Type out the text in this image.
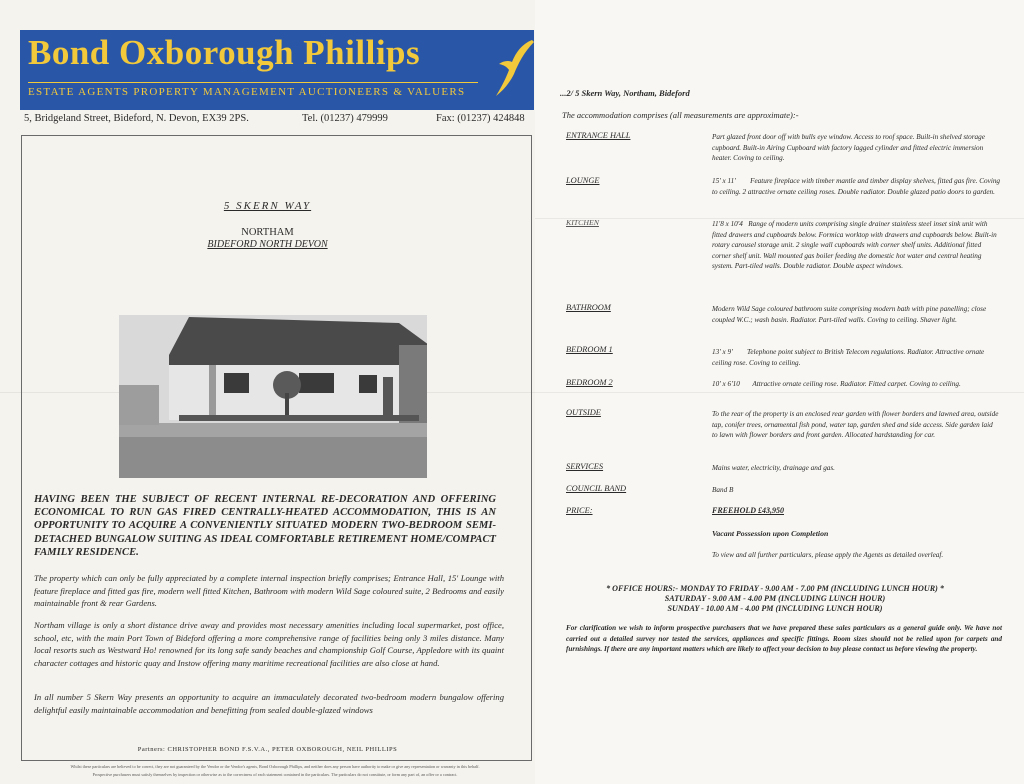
Bond Oxborough Phillips
ESTATE AGENTS PROPERTY MANAGEMENT AUCTIONEERS & VALUERS
5, Bridgeland Street, Bideford, N. Devon, EX39 2PS.	Tel. (01237) 479999	Fax: (01237) 424848
5 SKERN WAY
NORTHAM
BIDEFORD NORTH DEVON
HAVING BEEN THE SUBJECT OF RECENT INTERNAL RE-DECORATION AND OFFERING ECONOMICAL TO RUN GAS FIRED CENTRALLY-HEATED ACCOMMODATION, THIS IS AN OPPORTUNITY TO ACQUIRE A CONVENIENTLY SITUATED MODERN TWO-BEDROOM SEMI-DETACHED BUNGALOW SUITING AS IDEAL COMFORTABLE RETIREMENT HOME/COMPACT FAMILY RESIDENCE.
The property which can only be fully appreciated by a complete internal inspection briefly comprises; Entrance Hall, 15' Lounge with feature fireplace and fitted gas fire, modern well fitted Kitchen, Bathroom with modern Wild Sage coloured suite, 2 Bedrooms and easily maintainable front & rear Gardens.
Northam village is only a short distance drive away and provides most necessary amenities including local supermarket, post office, school, etc, with the main Port Town of Bideford offering a more comprehensive range of facilities being only 3 miles distance. Many local resorts such as Westward Ho! renowned for its long safe sandy beaches and championship Golf Course, Appledore with its quaint character cottages and historic quay and Instow offering many maritime recreational facilities are also close at hand.
In all number 5 Skern Way presents an opportunity to acquire an immaculately decorated two-bedroom modern bungalow offering delightful easily maintainable accommodation and benefitting from sealed double-glazed windows
Partners: CHRISTOPHER BOND F.S.V.A., PETER OXBOROUGH, NEIL PHILLIPS
Whilst these particulars are believed to be correct, they are not guaranteed by the Vendor or the Vendor's agents, Bond Oxborough Phillips, and neither does any person have authority to make or give any representation or warranty in this behalf.
Prospective purchasers must satisfy themselves by inspection or otherwise as to the correctness of each statement contained in the particulars. The particulars do not constitute, or form any part of, an offer or a contract.
...2/ 5 Skern Way, Northam, Bideford
The accommodation comprises (all measurements are approximate):-
ENTRANCE HALL	Part glazed front door off with bulls eye window. Access to roof space. Built-in shelved storage cupboard. Built-in Airing Cupboard with factory lagged cylinder and fitted electric immersion heater. Coving to ceiling.
LOUNGE	15' x 11' Feature fireplace with timber mantle and timber display shelves, fitted gas fire. Coving to ceiling. 2 attractive ornate ceiling roses. Double radiator. Double glazed patio doors to garden.
KITCHEN	11'8 x 10'4 Range of modern units comprising single drainer stainless steel inset sink unit with fitted drawers and cupboards below. Formica worktop with drawers and cupboards below. Built-in rotary carousel storage unit. 2 single wall cupboards with corner shelf units. Additional fitted corner shelf unit. Wall mounted gas boiler feeding the domestic hot water and central heating system. Part-tiled walls. Double radiator. Double aspect windows.
BATHROOM	Modern Wild Sage coloured bathroom suite comprising modern bath with pine panelling; close coupled W.C.; wash basin. Radiator. Part-tiled walls. Coving to ceiling. Shaver light.
BEDROOM 1	13' x 9' Telephone point subject to British Telecom regulations. Radiator. Attractive ornate ceiling rose. Coving to ceiling.
BEDROOM 2	10' x 6'10 Attractive ornate ceiling rose. Radiator. Fitted carpet. Coving to ceiling.
OUTSIDE	To the rear of the property is an enclosed rear garden with flower borders and lawned area, outside tap, conifer trees, ornamental fish pond, water tap, garden shed and side access. Side garden laid to lawn with flower borders and front garden. Allocated hardstanding for car.
SERVICES	Mains water, electricity, drainage and gas.
COUNCIL BAND	Band B
PRICE:	FREEHOLD £43,950
Vacant Possession upon Completion
To view and all further particulars, please apply the Agents as detailed overleaf.
* OFFICE HOURS:- MONDAY TO FRIDAY - 9.00 AM - 7.00 PM (INCLUDING LUNCH HOUR) *
SATURDAY - 9.00 AM - 4.00 PM (INCLUDING LUNCH HOUR)
SUNDAY - 10.00 AM - 4.00 PM (INCLUDING LUNCH HOUR)
For clarification we wish to inform prospective purchasers that we have prepared these sales particulars as a general guide only. We have not carried out a detailed survey nor tested the services, appliances and specific fittings. Room sizes should not be relied upon for carpets and furnishings. If there are any important matters which are likely to affect your decision to buy please contact us before viewing the property.
